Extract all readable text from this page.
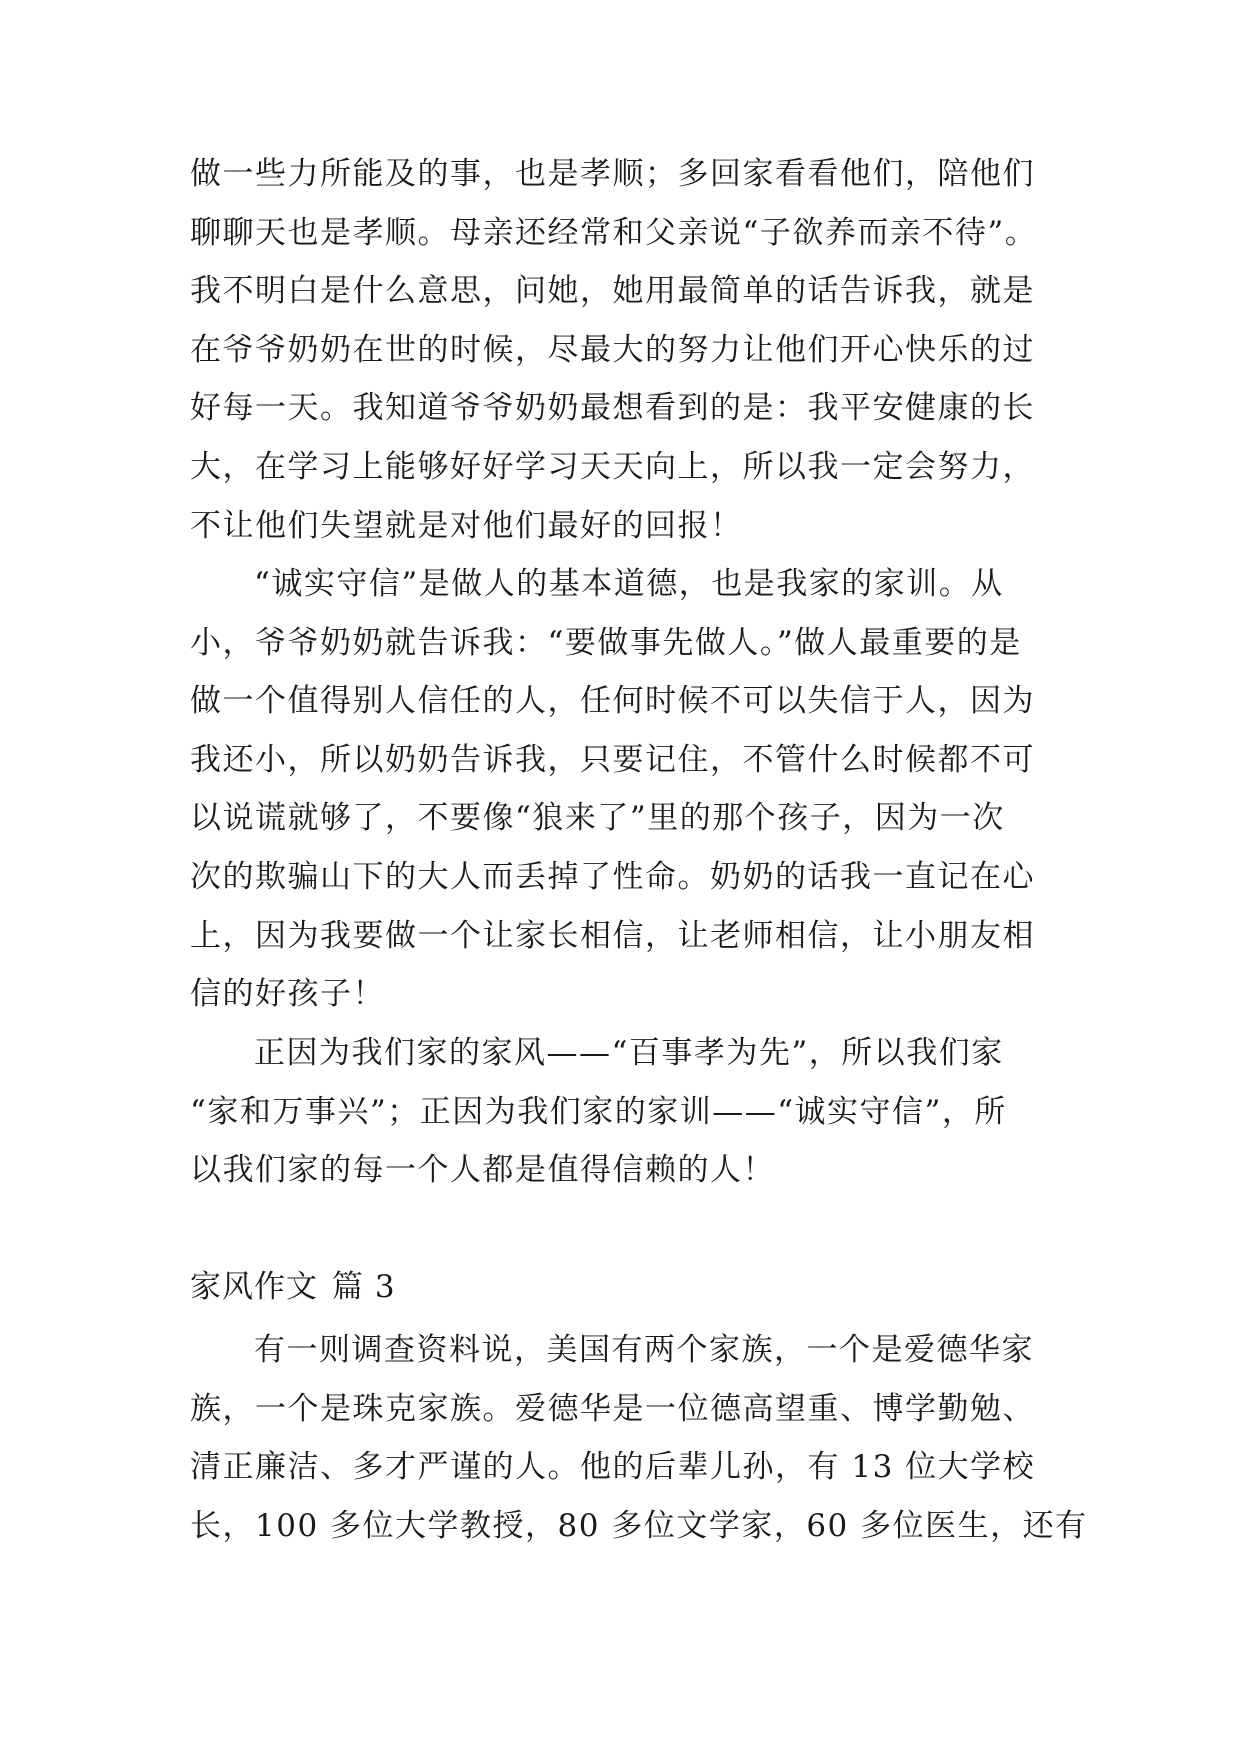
做一些力所能及的事，也是孝顺；多回家看看他们，陪他们
聊聊天也是孝顺。母亲还经常和父亲说“子欲养而亲不待”。
我不明白是什么意思，问她，她用最简单的话告诉我，就是
在爷爷奶奶在世的时候，尽最大的努力让他们开心快乐的过
好每一天。我知道爷爷奶奶最想看到的是：我平安健康的长
大，在学习上能够好好学习天天向上，所以我一定会努力，
不让他们失望就是对他们最好的回报！
“诚实守信”是做人的基本道德，也是我家的家训。从
小，爷爷奶奶就告诉我：“要做事先做人。”做人最重要的是
做一个值得别人信任的人，任何时候不可以失信于人，因为
我还小，所以奶奶告诉我，只要记住，不管什么时候都不可
以说谎就够了，不要像“狼来了”里的那个孩子，因为一次
次的欺骗山下的大人而丢掉了性命。奶奶的话我一直记在心
上，因为我要做一个让家长相信，让老师相信，让小朋友相
信的好孩子！
正因为我们家的家风——“百事孝为先”，所以我们家
“家和万事兴”；正因为我们家的家训——“诚实守信”，所
以我们家的每一个人都是值得信赖的人！
家风作文 篇 3
有一则调查资料说，美国有两个家族，一个是爱德华家
族，一个是珠克家族。爱德华是一位德高望重、博学勤勉、
清正廉洁、多才严谨的人。他的后辈儿孙，有 13 位大学校
长，100 多位大学教授，80 多位文学家，60 多位医生，还有
